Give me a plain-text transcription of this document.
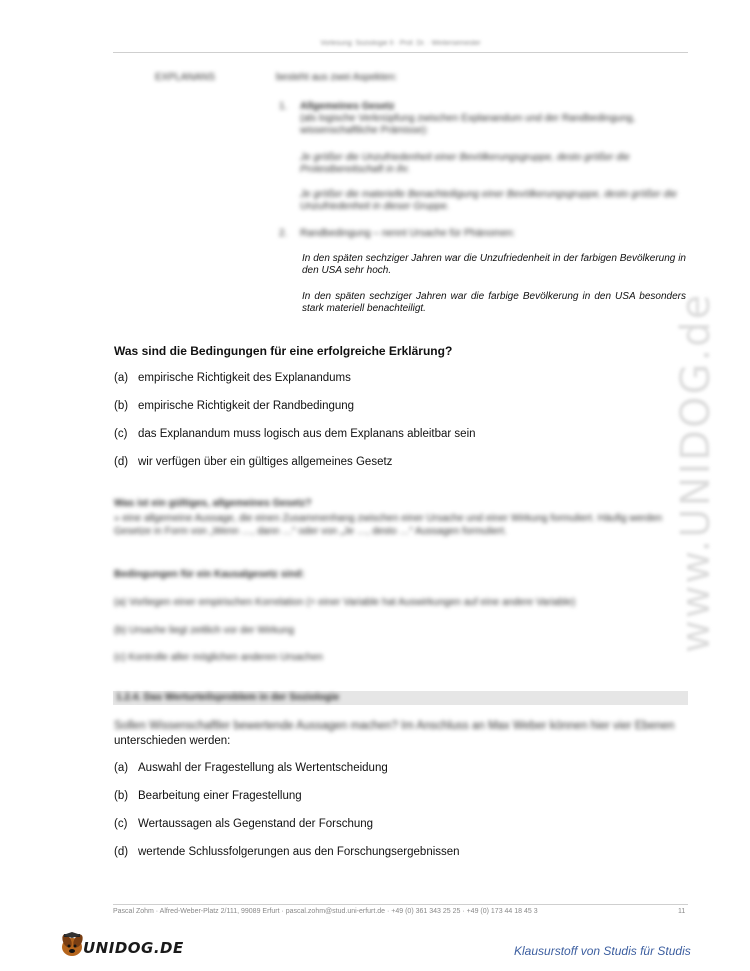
Vorlesung: Soziologie II · Prof. Dr. · Wintersemester
www.UNIDOG.de
EXPLANANS	besteht aus zwei Aspekten:
1. Allgemeines Gesetz
(als logische Verknüpfung zwischen Explanandum und der Randbedingung, wissenschaftliche Prämisse):
Je größer die Unzufriedenheit einer Bevölkerungsgruppe, desto größer die Protestbereitschaft in ihr.
Je größer die materielle Benachteiligung einer Bevölkerungsgruppe, desto größer die Unzufriedenheit in dieser Gruppe.
2. Randbedingung – nennt Ursache für Phänomen:
In den späten sechziger Jahren war die Unzufriedenheit in der farbigen Bevölkerung in den USA sehr hoch.
In den späten sechziger Jahren war die farbige Bevölkerung in den USA besonders stark materiell benachteiligt.
Was sind die Bedingungen für eine erfolgreiche Erklärung?
(a) empirische Richtigkeit des Explanandums
(b) empirische Richtigkeit der Randbedingung
(c) das Explanandum muss logisch aus dem Explanans ableitbar sein
(d) wir verfügen über ein gültiges allgemeines Gesetz
Was ist ein gültiges, allgemeines Gesetz?
» eine allgemeine Aussage, die einen Zusammenhang zwischen einer Ursache und einer Wirkung formuliert. Häufig werden Gesetze in Form von „Wenn …, dann …“ oder von „Je …, desto …“ Aussagen formuliert.
Bedingungen für ein Kausalgesetz sind:
(a) Vorliegen einer empirischen Korrelation (= einer Variable hat Auswirkungen auf eine andere Variable)
(b) Ursache liegt zeitlich vor der Wirkung
(c) Kontrolle aller möglichen anderen Ursachen
1.2.4. Das Werturteilsproblem in der Soziologie
Sollen Wissenschaftler bewertende Aussagen machen? Im Anschluss an Max Weber können hier vier Ebenen
unterschieden werden:
(a) Auswahl der Fragestellung als Wertentscheidung
(b) Bearbeitung einer Fragestellung
(c) Wertaussagen als Gegenstand der Forschung
(d) wertende Schlussfolgerungen aus den Forschungsergebnissen
Pascal Zohm · Alfred-Weber-Platz 2/111, 99089 Erfurt · pascal.zohm@stud.uni-erfurt.de · +49 (0) 361 343 25 25 · +49 (0) 173 44 18 45 3	11
UNIDOG.DE	Klausurstoff von Studis für Studis
